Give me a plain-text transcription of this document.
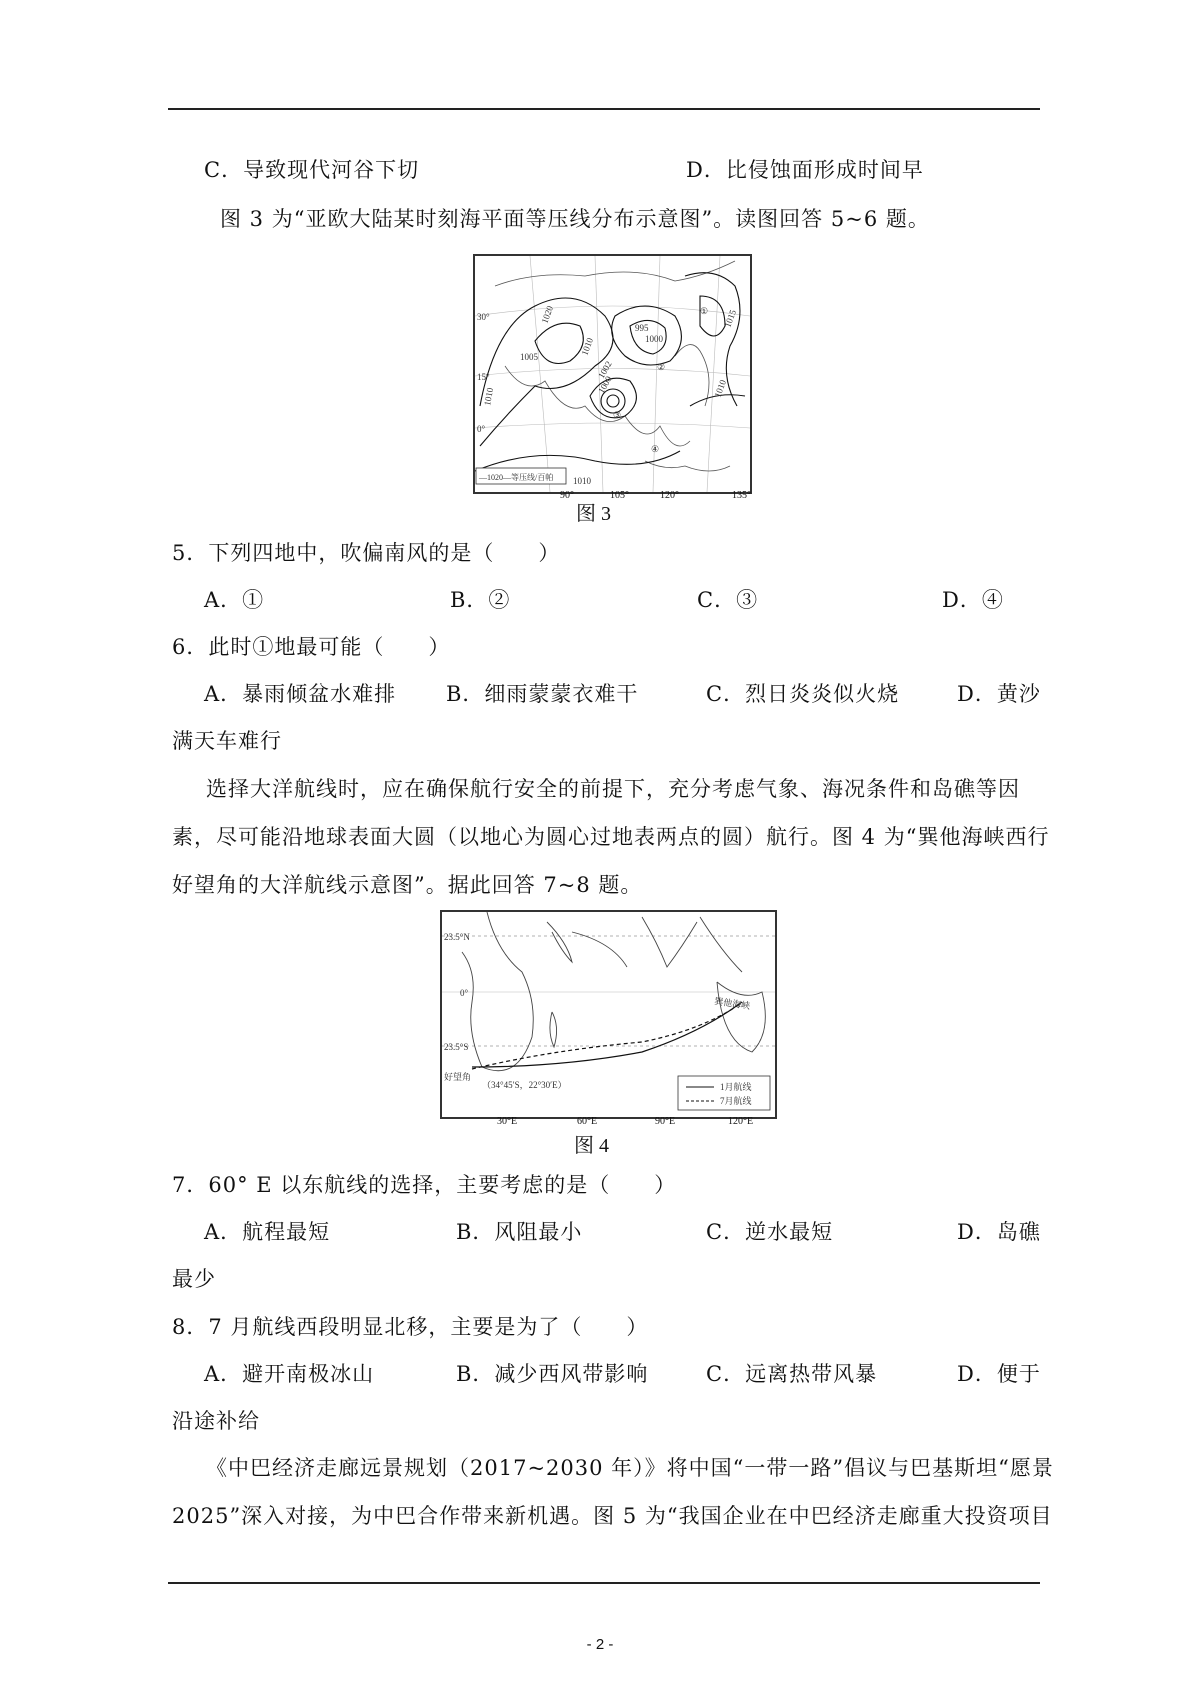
C．导致现代河谷下切	D．比侵蚀面形成时间早
图 3 为“亚欧大陆某时刻海平面等压线分布示意图”。读图回答 5~6 题。
30°
15°
0°
1020
1010
1005
1000
995
1002
1000
1015
1010
1010
1010
①
②
③
④
—1020—等压线/百帕
90°	105°	120°	135°
图 3
5．下列四地中，吹偏南风的是（　　）
A．①	B．②	C．③	D．④
6．此时①地最可能（　　）
A．暴雨倾盆水难排 B．细雨蒙蒙衣难干	C．烈日炎炎似火烧	D．黄沙
满天车难行
选择大洋航线时，应在确保航行安全的前提下，充分考虑气象、海况条件和岛礁等因
素，尽可能沿地球表面大圆（以地心为圆心过地表两点的圆）航行。图 4 为“巽他海峡西行
好望角的大洋航线示意图”。据此回答 7~8 题。
23.5°N
0°
23.5°S
巽他海峡
好望角
（34°45′S，22°30′E）	1月航线
7月航线
30°E	60°E	90°E	120°E
图 4
7．60° E 以东航线的选择，主要考虑的是（　　）
A．航程最短	B．风阻最小	C．逆水最短	D．岛礁
最少
8．7 月航线西段明显北移，主要是为了（　　）
A．避开南极冰山	B．减少西风带影响	C．远离热带风暴	D．便于
沿途补给
《中巴经济走廊远景规划（2017~2030 年）》将中国“一带一路”倡议与巴基斯坦“愿景
2025”深入对接，为中巴合作带来新机遇。图 5 为“我国企业在中巴经济走廊重大投资项目
- 2 -
